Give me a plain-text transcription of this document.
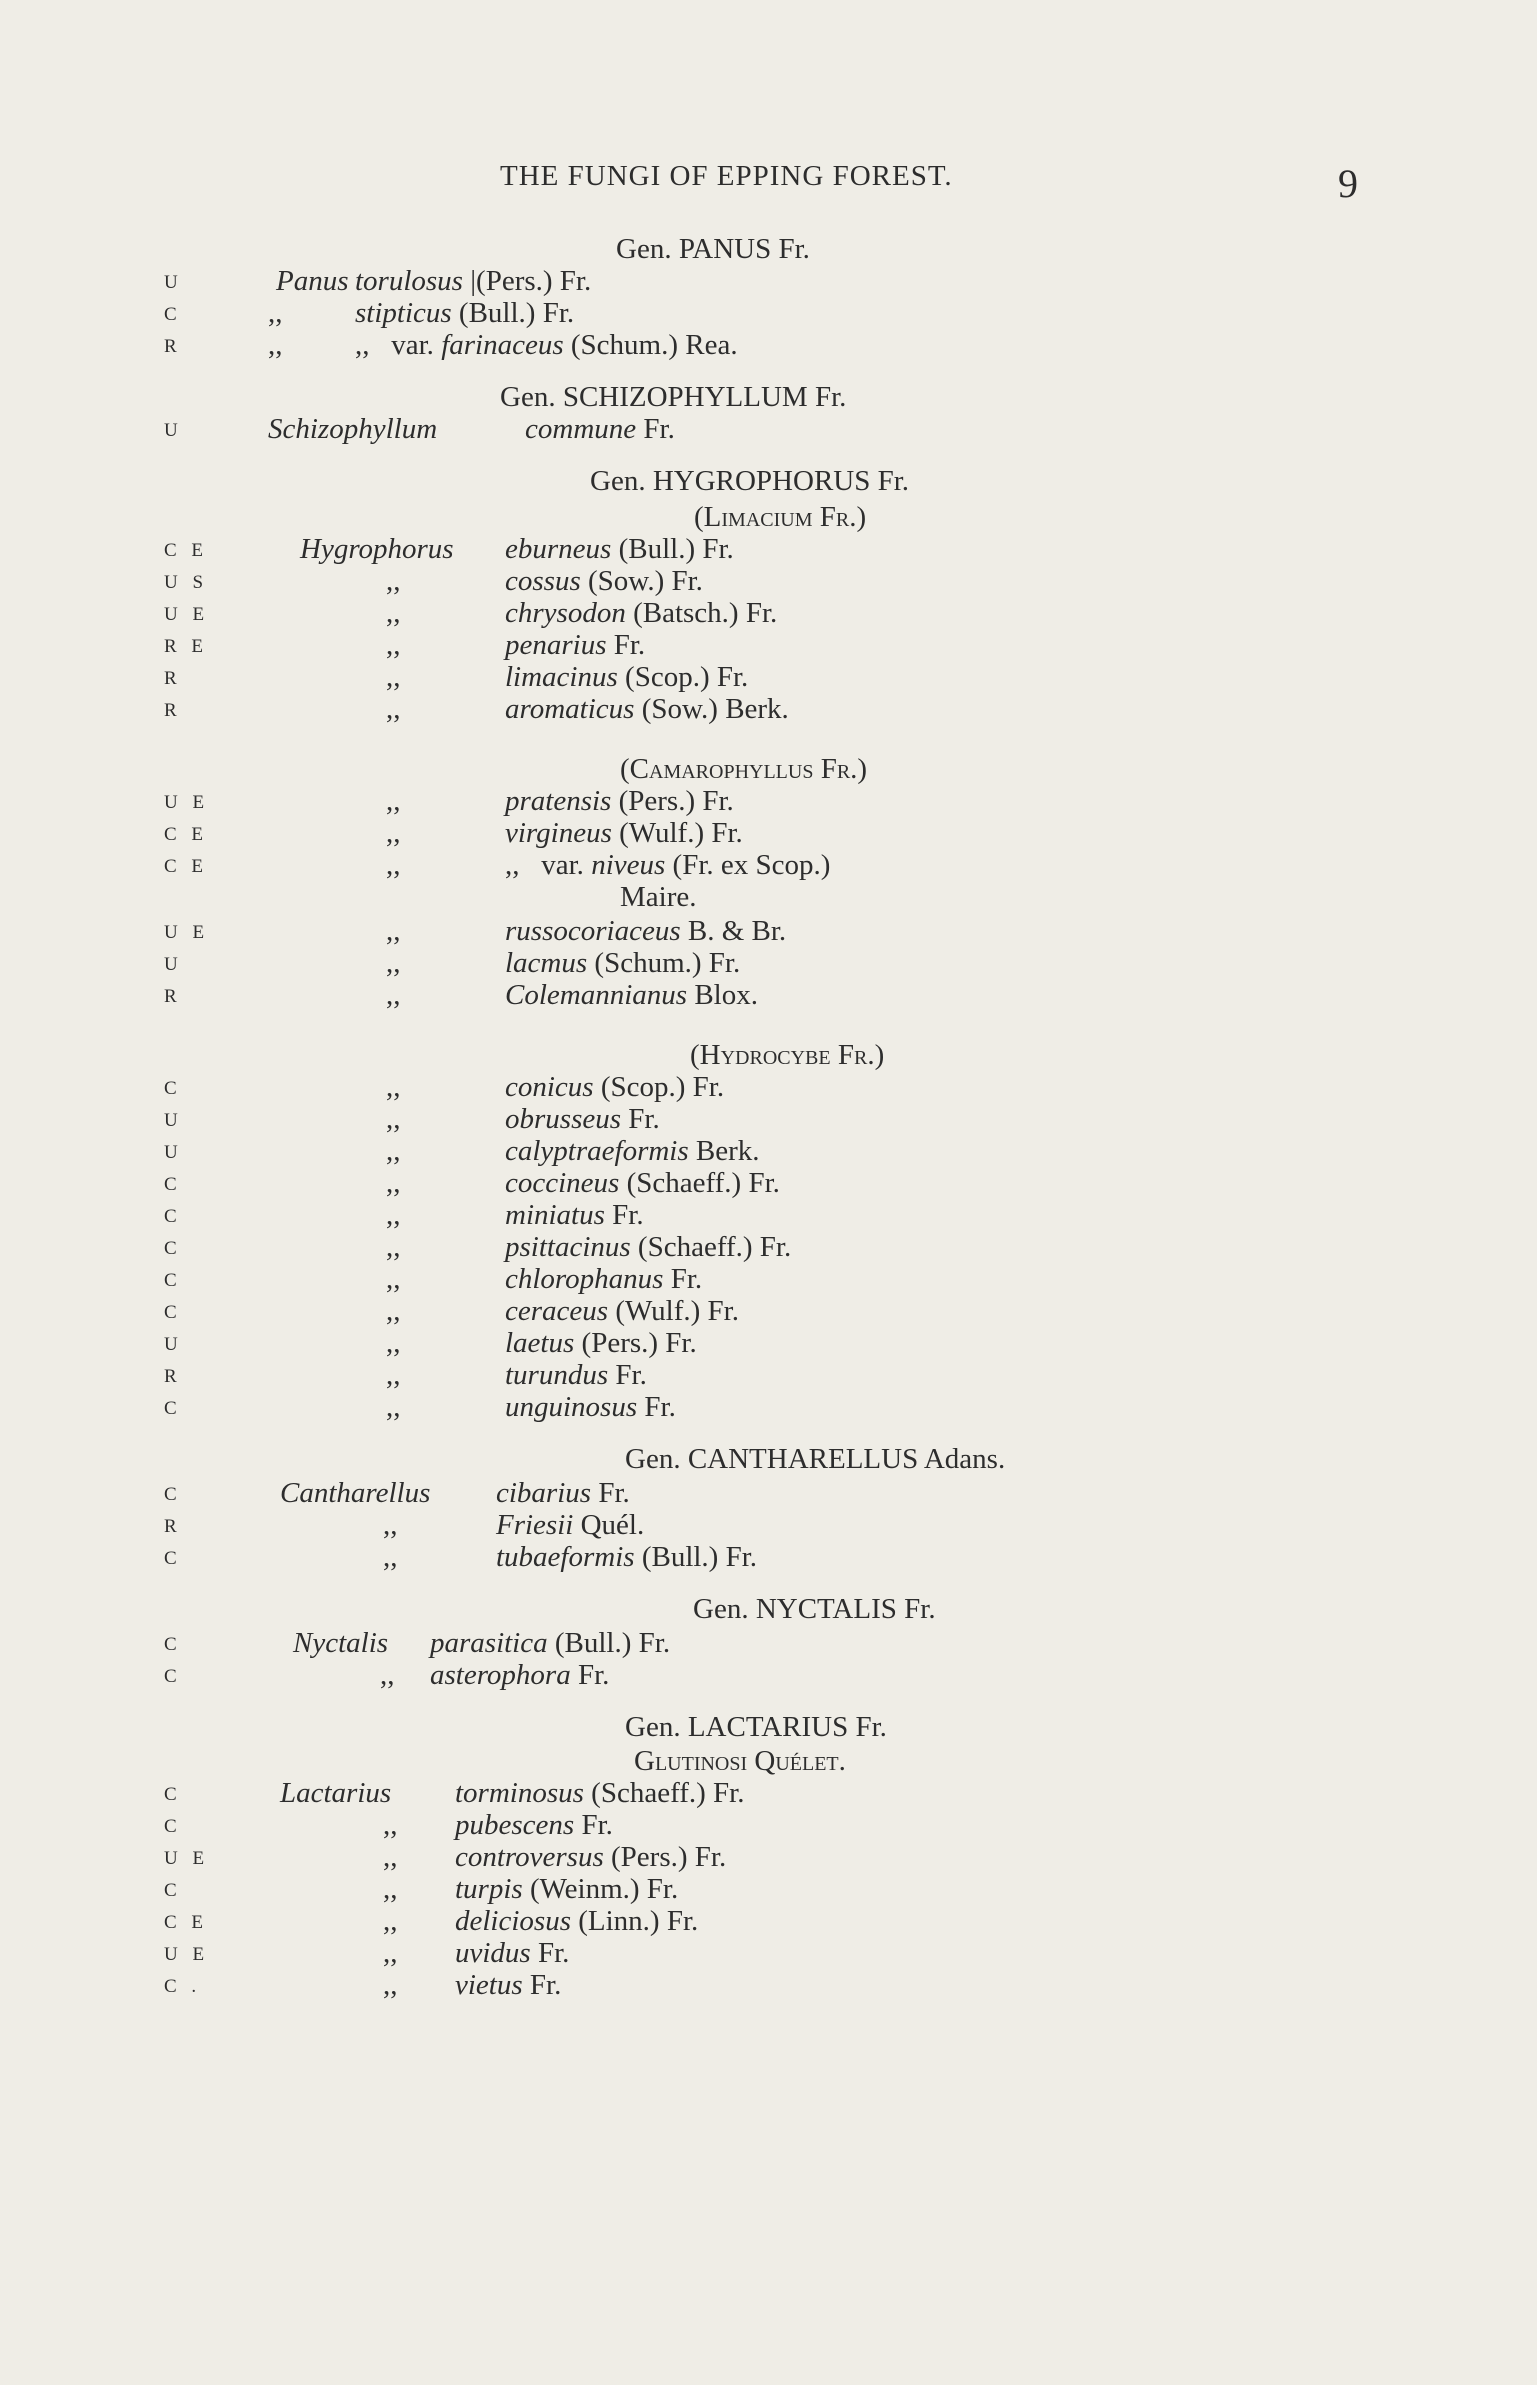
THE FUNGI OF EPPING FOREST.	9
Gen. PANUS Fr.
U	Panus torulosus |(Pers.) Fr.
C	,,	stipticus (Bull.) Fr.
R	,,	,,   var. farinaceus (Schum.) Rea.
Gen. SCHIZOPHYLLUM Fr.
U	Schizophyllum	commune Fr.
Gen. HYGROPHORUS Fr.
(Limacium Fr.)
C E	Hygrophorus eburneus (Bull.) Fr.
U S	,,	cossus (Sow.) Fr.
U E	,,	chrysodon (Batsch.) Fr.
R E	,,	penarius Fr.
R	,,	limacinus (Scop.) Fr.
R	,,	aromaticus (Sow.) Berk.
(Camarophyllus Fr.)
U E	,,	pratensis (Pers.) Fr.
C E	,,	virgineus (Wulf.) Fr.
C E	,,	,,   var. niveus (Fr. ex Scop.)
Maire.
U E	,,	russocoriaceus B. & Br.
U	,,	lacmus (Schum.) Fr.
R	,,	Colemannianus Blox.
(Hydrocybe Fr.)
C	,,	conicus (Scop.) Fr.
U	,,	obrusseus Fr.
U	,,	calyptraeformis Berk.
C	,,	coccineus (Schaeff.) Fr.
C	,,	miniatus Fr.
C	,,	psittacinus (Schaeff.) Fr.
C	,,	chlorophanus Fr.
C	,,	ceraceus (Wulf.) Fr.
U	,,	laetus (Pers.) Fr.
R	,,	turundus Fr.
C	,,	unguinosus Fr.
Gen. CANTHARELLUS Adans.
C	Cantharellus cibarius Fr.
R	,,	Friesii Quél.
C	,,	tubaeformis (Bull.) Fr.
Gen. NYCTALIS Fr.
C	Nyctalis parasitica (Bull.) Fr.
C	,, asterophora Fr.
Gen. LACTARIUS Fr.
Glutinosi Quélet.
C	Lactarius torminosus (Schaeff.) Fr.
C	,, pubescens Fr.
U E	,, controversus (Pers.) Fr.
C	,, turpis (Weinm.) Fr.
C E	,, deliciosus (Linn.) Fr.
U E	,, uvidus Fr.
C .	,, vietus Fr.
